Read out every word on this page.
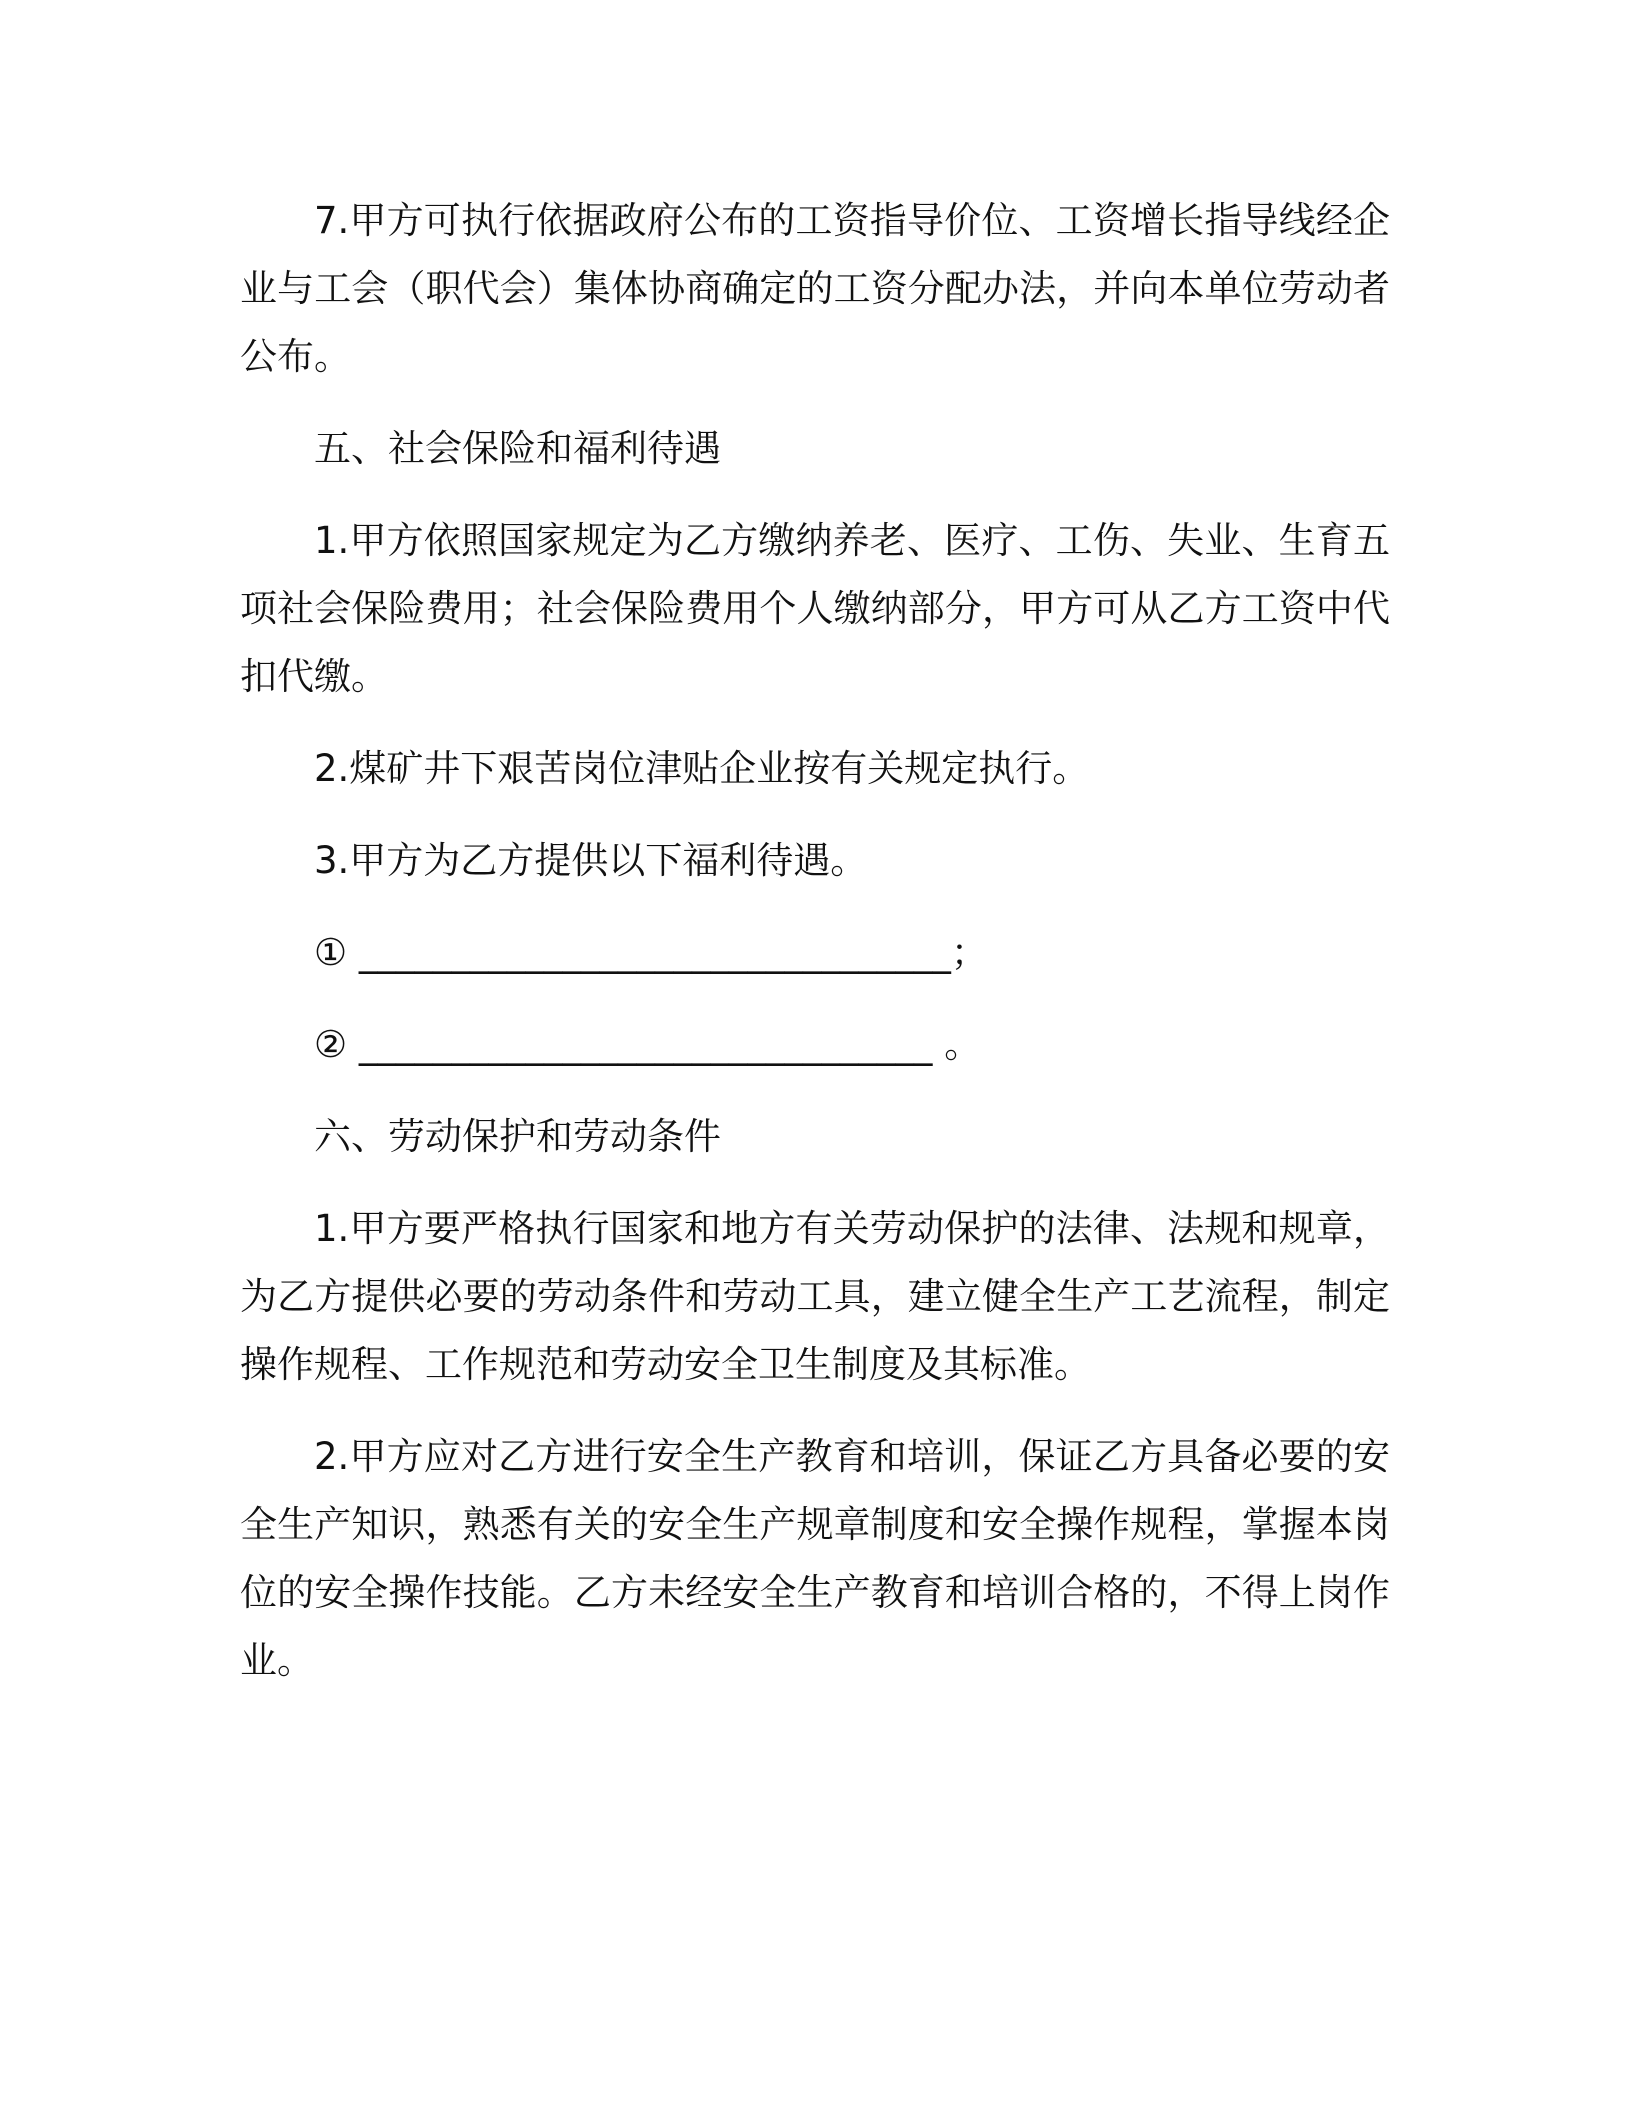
7.甲方可执行依据政府公布的工资指导价位、工资增长指导线经企业与工会（职代会）集体协商确定的工资分配办法，并向本单位劳动者公布。

五、社会保险和福利待遇

1.甲方依照国家规定为乙方缴纳养老、医疗、工伤、失业、生育五项社会保险费用；社会保险费用个人缴纳部分，甲方可从乙方工资中代扣代缴。

2.煤矿井下艰苦岗位津贴企业按有关规定执行。

3.甲方为乙方提供以下福利待遇。

① ________________________________；

② _______________________________ 。

六、劳动保护和劳动条件

1.甲方要严格执行国家和地方有关劳动保护的法律、法规和规章，为乙方提供必要的劳动条件和劳动工具，建立健全生产工艺流程，制定操作规程、工作规范和劳动安全卫生制度及其标准。

2.甲方应对乙方进行安全生产教育和培训，保证乙方具备必要的安全生产知识，熟悉有关的安全生产规章制度和安全操作规程，掌握本岗位的安全操作技能。乙方未经安全生产教育和培训合格的，不得上岗作业。
